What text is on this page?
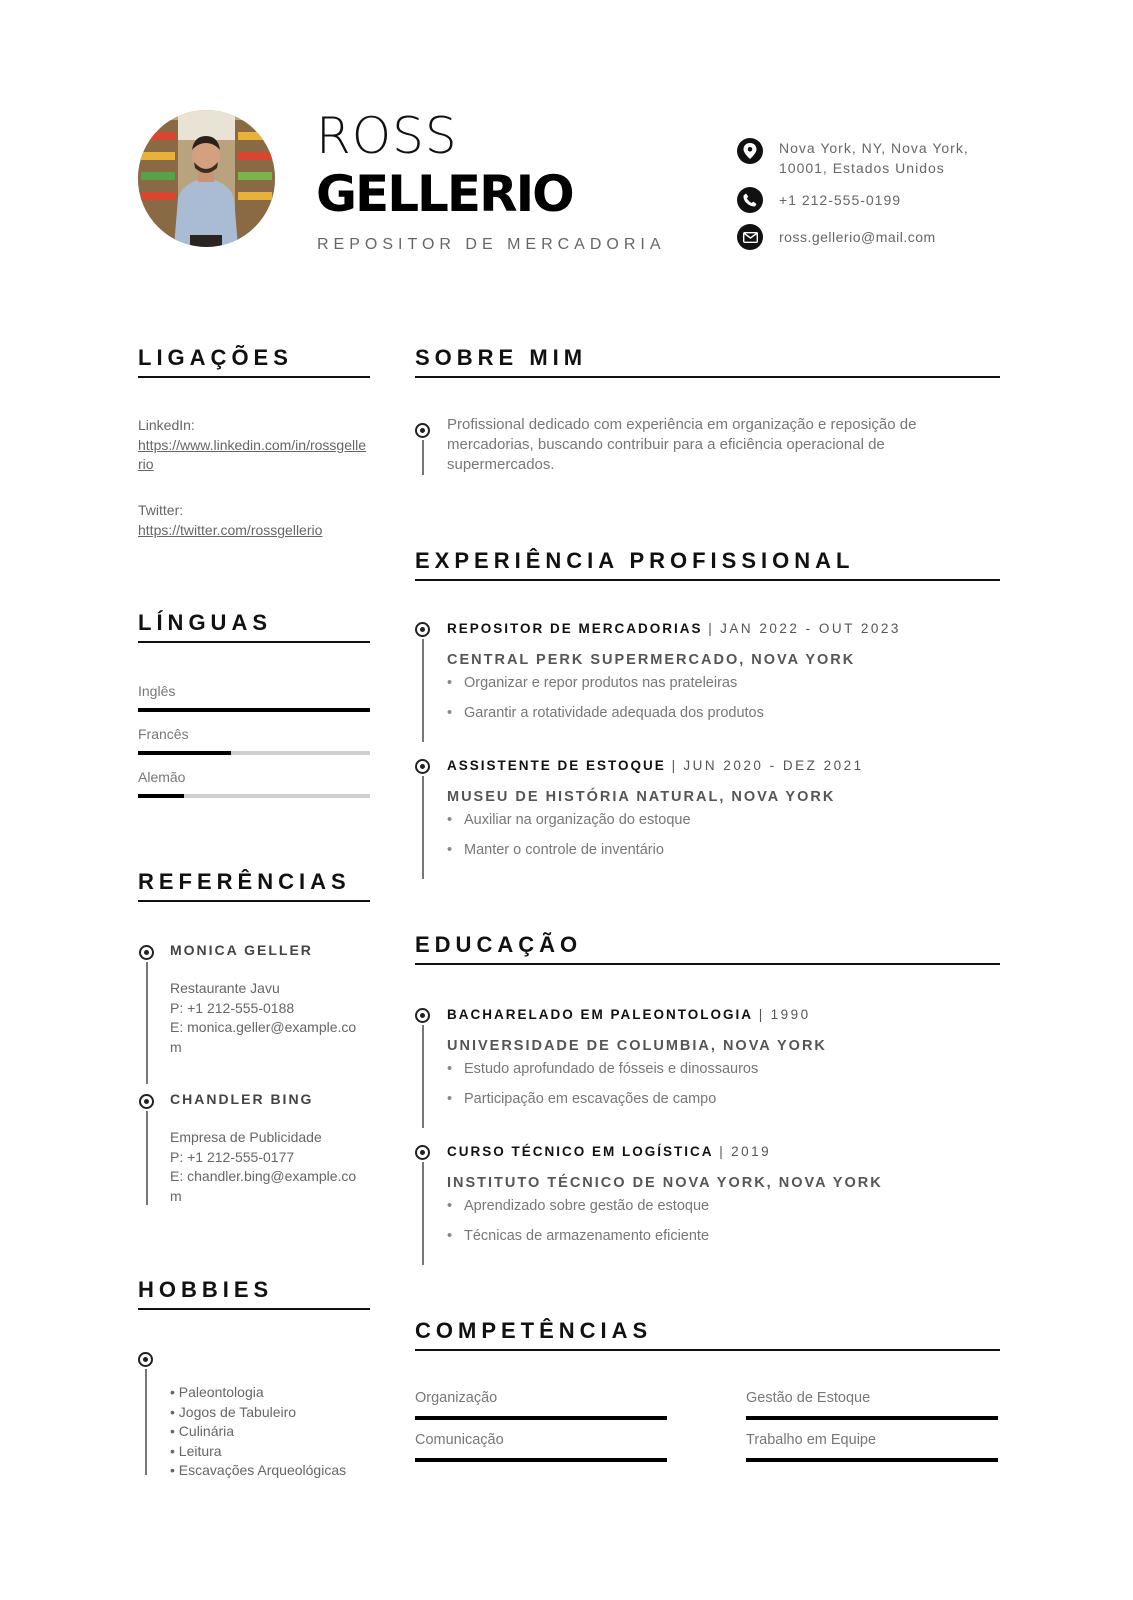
ROSS
GELLERIO
REPOSITOR DE MERCADORIA
Nova York, NY, Nova York, 10001, Estados Unidos
+1 212-555-0199
ross.gellerio@mail.com
LIGAÇÕES
LinkedIn:
https://www.linkedin.com/in/rossgellerio
Twitter:
https://twitter.com/rossgellerio
LÍNGUAS
Inglês
Francês
Alemão
REFERÊNCIAS
MONICA GELLER
Restaurante Javu
P: +1 212-555-0188
E: monica.geller@example.com
CHANDLER BING
Empresa de Publicidade
P: +1 212-555-0177
E: chandler.bing@example.com
HOBBIES
• Paleontologia
• Jogos de Tabuleiro
• Culinária
• Leitura
• Escavações Arqueológicas
SOBRE MIM
Profissional dedicado com experiência em organização e reposição de mercadorias, buscando contribuir para a eficiência operacional de supermercados.
EXPERIÊNCIA PROFISSIONAL
REPOSITOR DE MERCADORIAS | JAN 2022 - OUT 2023
CENTRAL PERK SUPERMERCADO, NOVA YORK
• Organizar e repor produtos nas prateleiras
• Garantir a rotatividade adequada dos produtos
ASSISTENTE DE ESTOQUE | JUN 2020 - DEZ 2021
MUSEU DE HISTÓRIA NATURAL, NOVA YORK
• Auxiliar na organização do estoque
• Manter o controle de inventário
EDUCAÇÃO
BACHARELADO EM PALEONTOLOGIA | 1990
UNIVERSIDADE DE COLUMBIA, NOVA YORK
• Estudo aprofundado de fósseis e dinossauros
• Participação em escavações de campo
CURSO TÉCNICO EM LOGÍSTICA | 2019
INSTITUTO TÉCNICO DE NOVA YORK, NOVA YORK
• Aprendizado sobre gestão de estoque
• Técnicas de armazenamento eficiente
COMPETÊNCIAS
Organização	Gestão de Estoque
Comunicação	Trabalho em Equipe
